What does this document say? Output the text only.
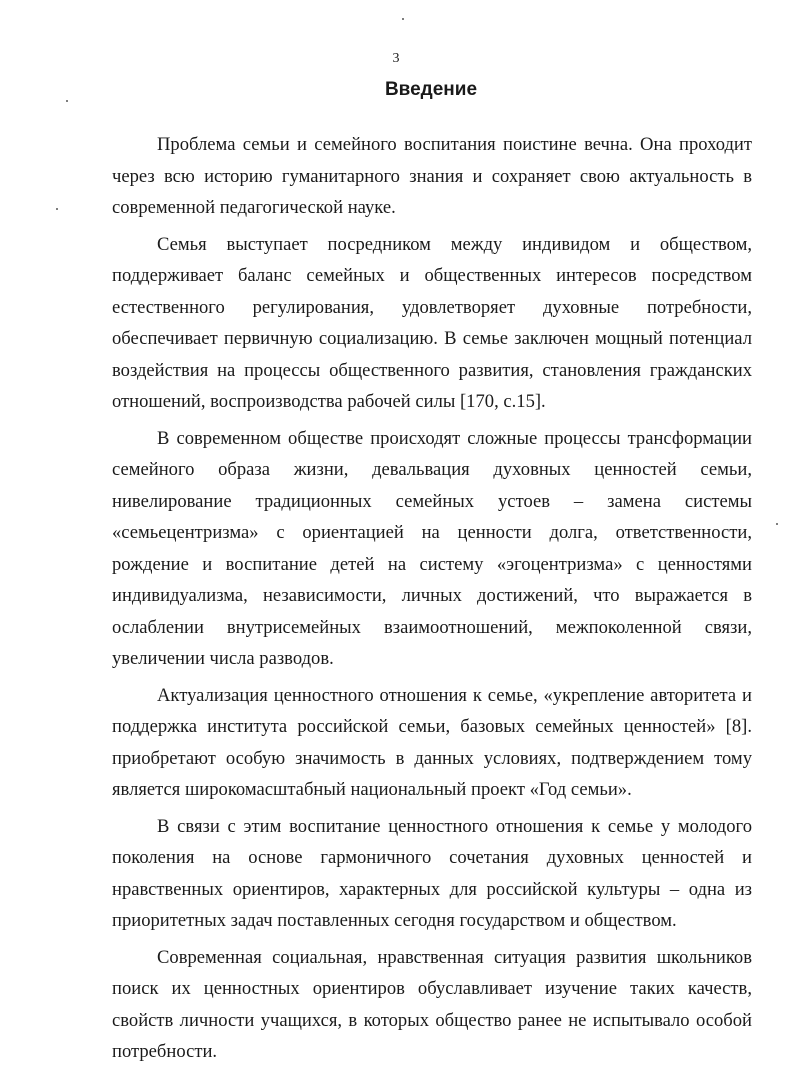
3
Введение

Проблема семьи и семейного воспитания поистине вечна. Она проходит через всю историю гуманитарного знания и сохраняет свою актуальность в современной педагогической науке.

Семья выступает посредником между индивидом и обществом, поддерживает баланс семейных и общественных интересов посредством естественного регулирования, удовлетворяет духовные потребности, обеспечивает первичную социализацию. В семье заключен мощный потенциал воздействия на процессы общественного развития, становления гражданских отношений, воспроизводства рабочей силы [170, с.15].

В современном обществе происходят сложные процессы трансформации семейного образа жизни, девальвация духовных ценностей семьи, нивелирование традиционных семейных устоев – замена системы «семьецентризма» с ориентацией на ценности долга, ответственности, рождение и воспитание детей на систему «эгоцентризма» с ценностями индивидуализма, независимости, личных достижений, что выражается в ослаблении внутрисемейных взаимоотношений, межпоколенной связи, увеличении числа разводов.

Актуализация ценностного отношения к семье, «укрепление авторитета и поддержка института российской семьи, базовых семейных ценностей» [8]. приобретают особую значимость в данных условиях, подтверждением тому является широкомасштабный национальный проект «Год семьи».

В связи с этим воспитание ценностного отношения к семье у молодого поколения на основе гармоничного сочетания духовных ценностей и нравственных ориентиров, характерных для российской культуры – одна из приоритетных задач поставленных сегодня государством и обществом.

Современная социальная, нравственная ситуация развития школьников поиск их ценностных ориентиров обуславливает изучение таких качеств, свойств личности учащихся, в которых общество ранее не испытывало особой потребности.
